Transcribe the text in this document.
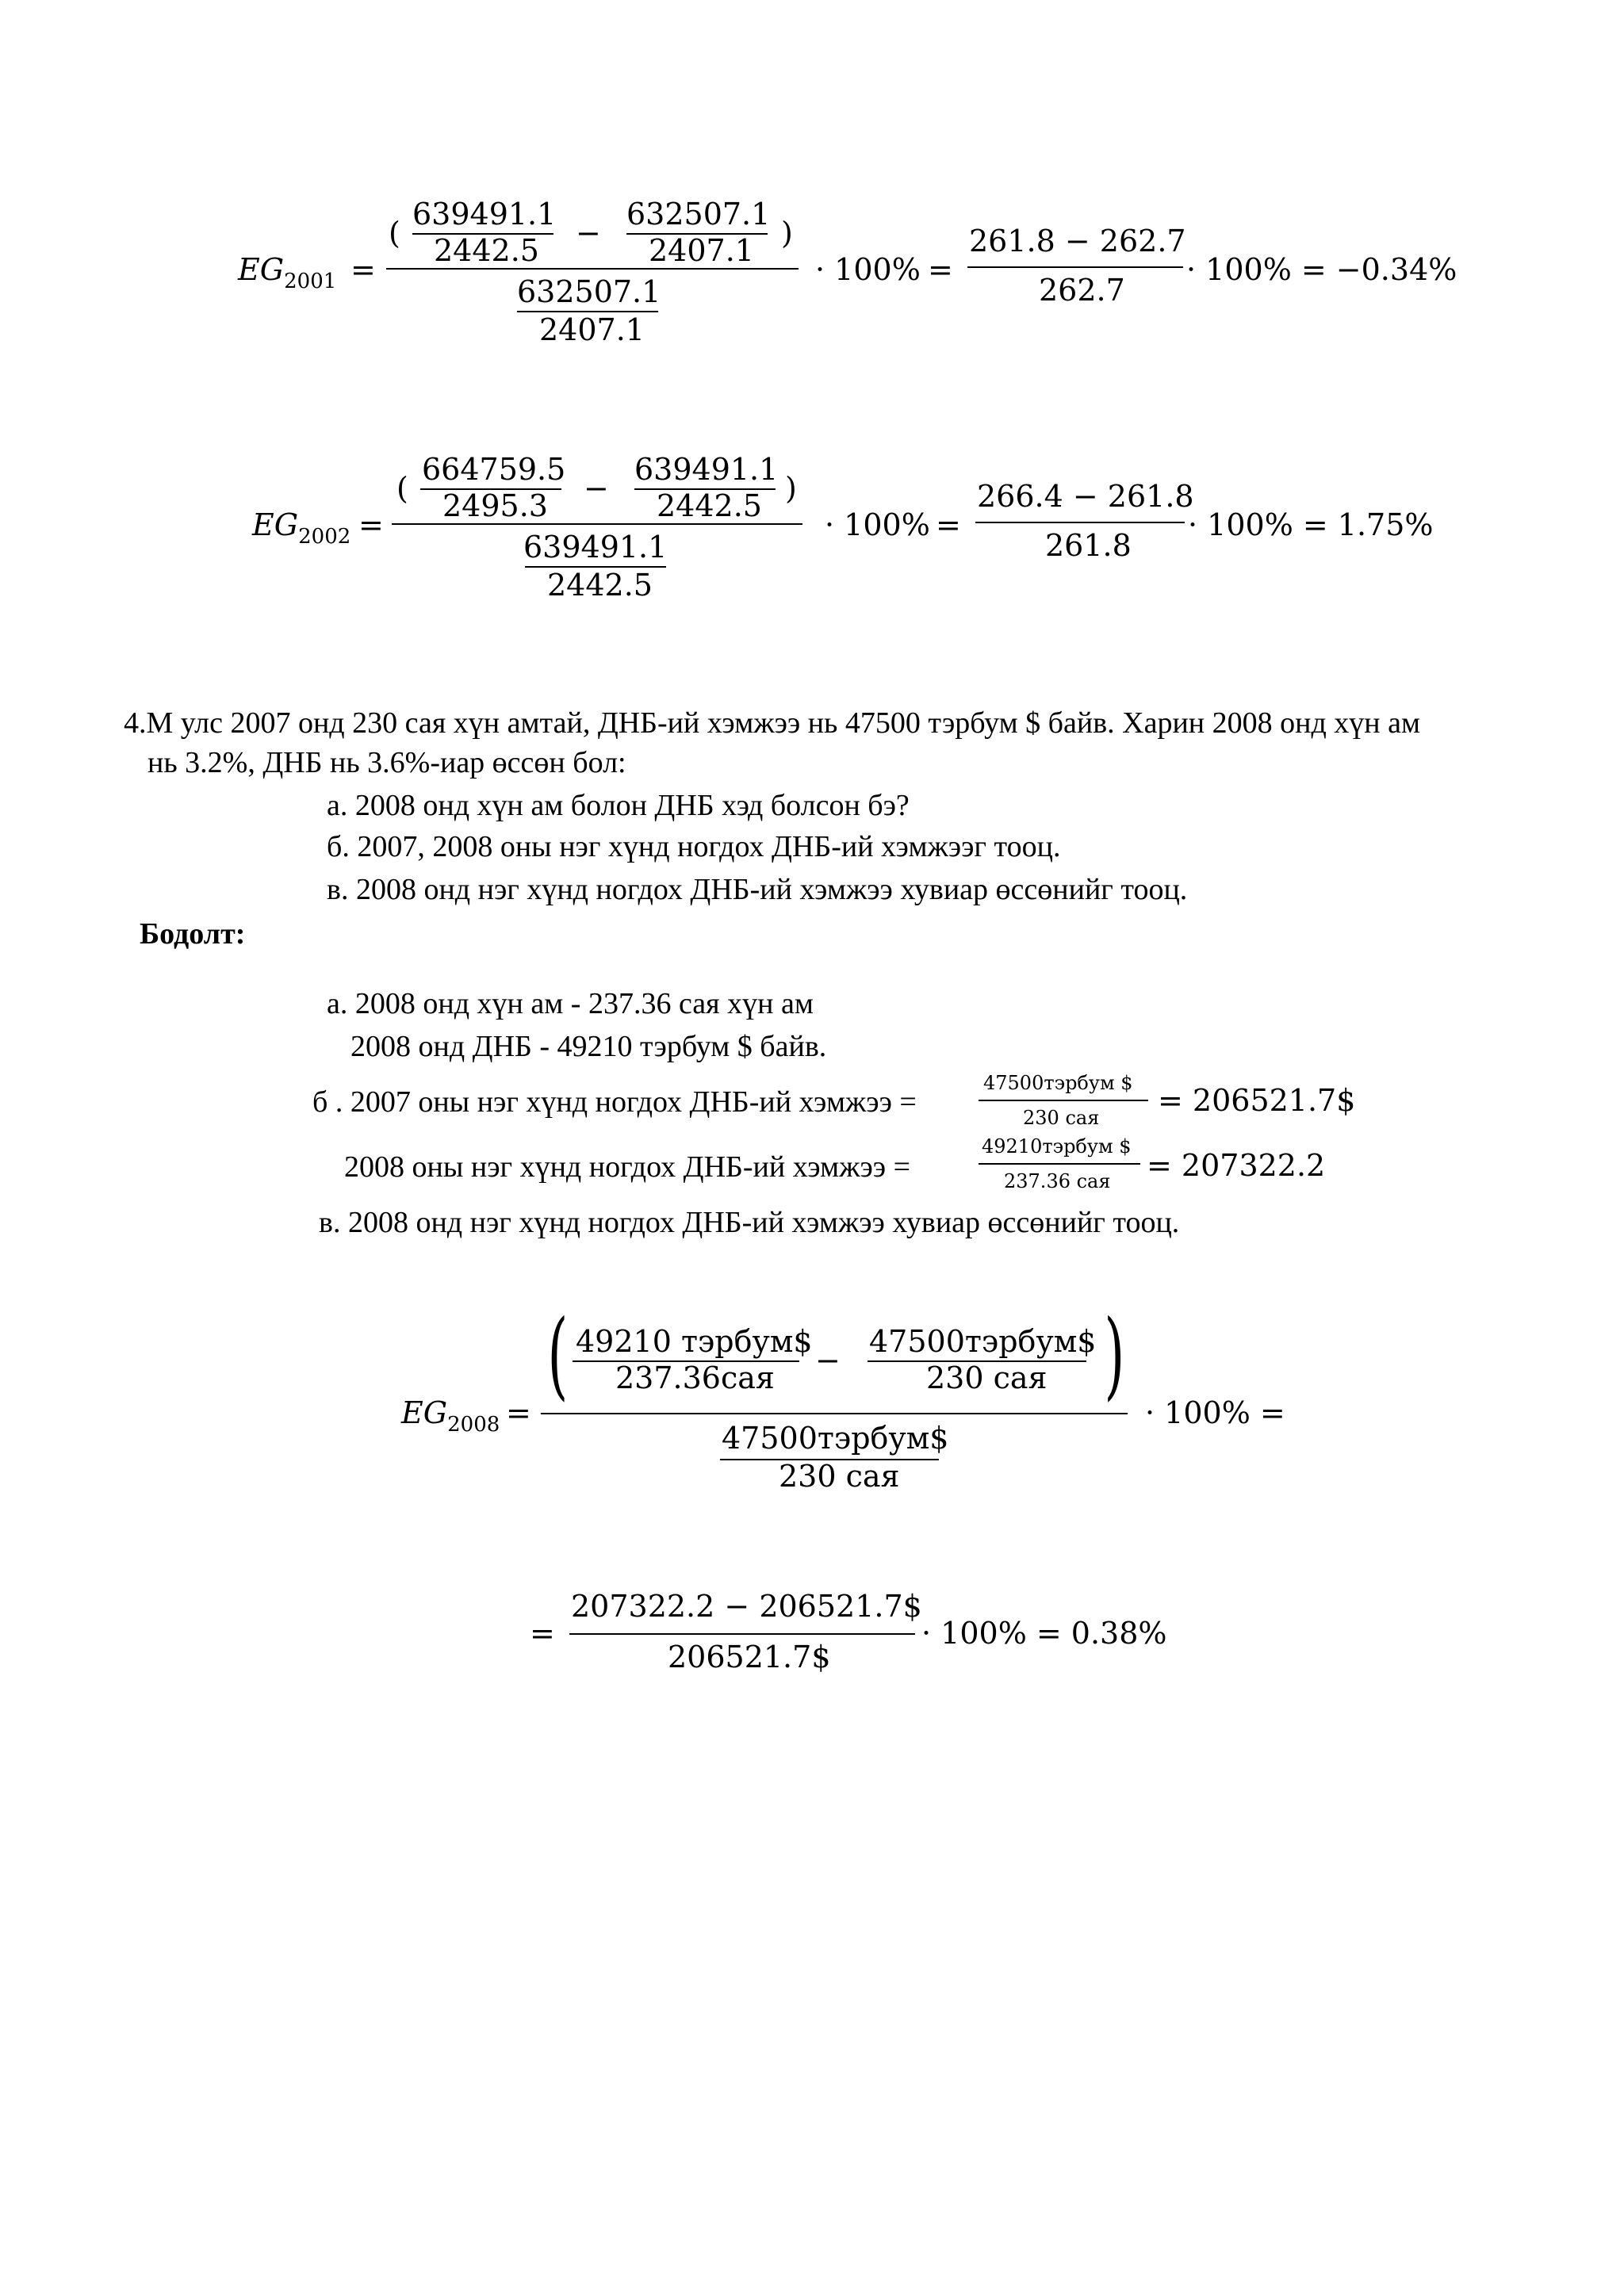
$EG_{2001}$ =
(
639491.1
2442.5 −
632507.1
2407.1 )
632507.1
2407.1
· 100% =
261.8 − 262.7
262.7
· 100% = −0.34%
$EG_{2002}$ =
(
664759.5
2495.3 −
639491.1
2442.5 )
639491.1
2442.5
· 100% =
266.4 − 261.8
261.8
· 100% = 1.75%
4.М улс 2007 онд 230 сая хүн амтай, ДНБ-ий хэмжээ нь 47500 тэрбум $ байв. Харин 2008 онд хүн ам
нь 3.2%, ДНБ нь 3.6%-иар өссөн бол:
а. 2008 онд хүн ам болон ДНБ хэд болсон бэ?
б. 2007, 2008 оны нэг хүнд ногдох ДНБ-ий хэмжээг тооц.
в. 2008 онд нэг хүнд ногдох ДНБ-ий хэмжээ хувиар өссөнийг тооц.
Бодолт:
а. 2008 онд хүн ам - 237.36 сая хүн ам
2008 онд ДНБ - 49210 тэрбум $ байв.
б . 2007 оны нэг хүнд ногдох ДНБ-ий хэмжээ =
47500тэрбум $
230 сая = 206521.7$
2008 оны нэг хүнд ногдох ДНБ-ий хэмжээ =
49210тэрбум $
237.36 сая = 207322.2
в. 2008 онд нэг хүнд ногдох ДНБ-ий хэмжээ хувиар өссөнийг тооц.
$EG_{2008}$ =
( 49210 тэрбум$
237.36сая −
47500тэрбум$
230 сая )
47500тэрбум$
230 сая
· 100% =
=
207322.2 − 206521.7$
206521.7$
· 100% = 0.38%
